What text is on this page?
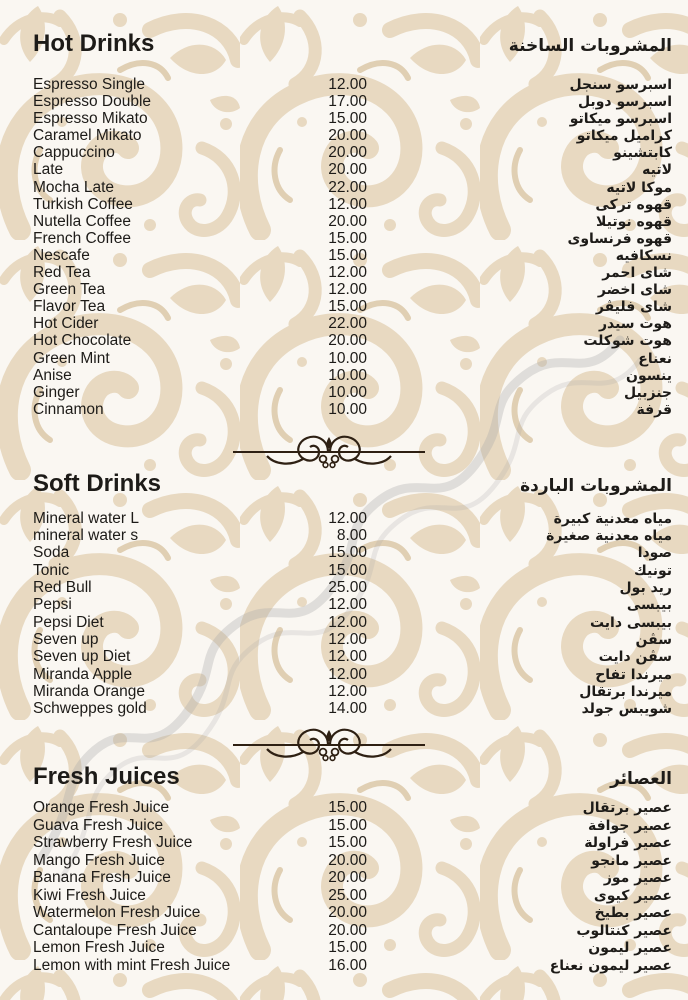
Hot Drinks	المشروبات الساخنة
Espresso Single	12.00	اسبرسو سنجل
Espresso Double	17.00	اسبرسو دوبل
Espresso Mikato	15.00	اسبرسو ميكاتو
Caramel Mikato	20.00	كراميل ميكاتو
Cappuccino	20.00	كابتشينو
Late	20.00	لاتيه
Mocha Late	22.00	موكا لاتيه
Turkish Coffee	12.00	قهوه تركى
Nutella Coffee	20.00	قهوه نوتيلا
French Coffee	15.00	قهوه فرنساوى
Nescafe	15.00	نسكافيه
Red Tea	12.00	شاى احمر
Green Tea	12.00	شاى اخضر
Flavor Tea	15.00	شاى فليڤر
Hot Cider	22.00	هوت سيدر
Hot Chocolate	20.00	هوت شوكلت
Green Mint	10.00	نعناع
Anise	10.00	ينسون
Ginger	10.00	جنزبيل
Cinnamon	10.00	قرفة
Soft Drinks	المشروبات الباردة
Mineral water L	12.00	مياه معدنية كبيرة
mineral water s	8.00	مياه معدنية صغيرة
Soda	15.00	صودا
Tonic	15.00	تونيك
Red Bull	25.00	ريد بول
Pepsi	12.00	بيبسى
Pepsi Diet	12.00	بيبسى دايت
Seven up	12.00	سڤن
Seven up Diet	12.00	سڤن دايت
Miranda Apple	12.00	ميرندا تفاح
Miranda Orange	12.00	ميرندا برتقال
Schweppes gold	14.00	شويبس جولد
Fresh Juices	العصائر
Orange Fresh Juice	15.00	عصير برتقال
Guava Fresh Juice	15.00	عصير جوافة
Strawberry Fresh Juice	15.00	عصير فراولة
Mango Fresh Juice	20.00	عصير مانجو
Banana Fresh Juice	20.00	عصير موز
Kiwi Fresh Juice	25.00	عصير كيوى
Watermelon Fresh Juice	20.00	عصير بطيخ
Cantaloupe Fresh Juice	20.00	عصير كنتالوب
Lemon Fresh Juice	15.00	عصير ليمون
Lemon with mint Fresh Juice	16.00	عصير ليمون نعناع
